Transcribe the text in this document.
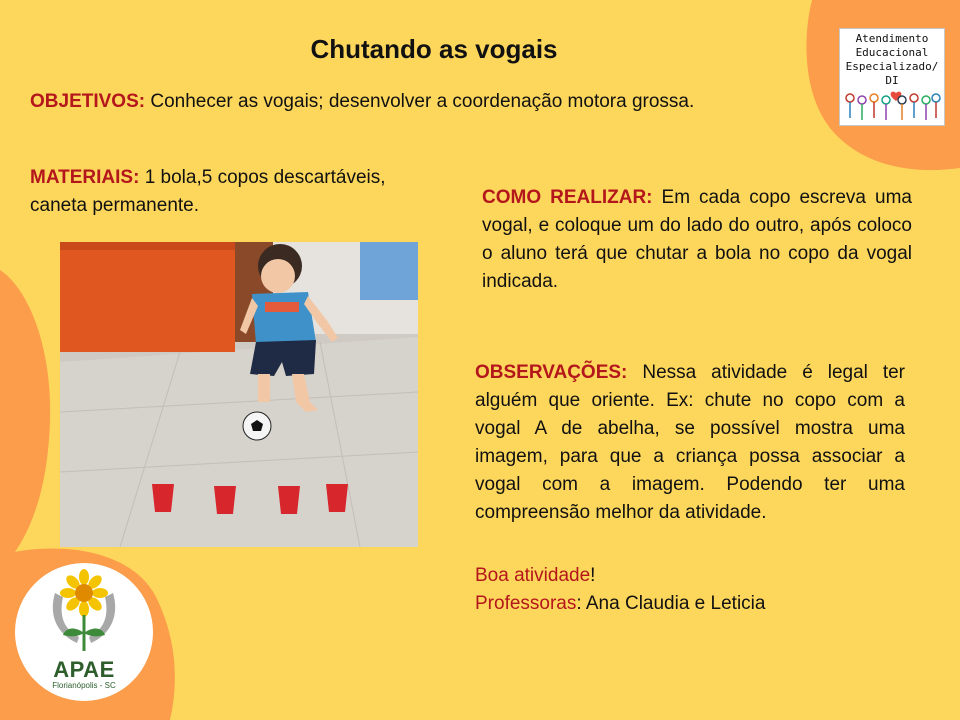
Chutando as vogais
OBJETIVOS: Conhecer as vogais; desenvolver a coordenação motora grossa.
MATERIAIS: 1 bola,5 copos descartáveis, caneta permanente.	COMO REALIZAR: Em cada copo escreva uma vogal, e coloque um do lado do outro, após coloco o aluno terá que chutar a bola no copo da vogal indicada.
OBSERVAÇÕES: Nessa atividade é legal ter alguém que oriente. Ex: chute no copo com a vogal A de abelha, se possível mostra uma imagem, para que a criança possa associar a vogal com a imagem. Podendo ter uma compreensão melhor da atividade.
Boa atividade!
Professoras: Ana Claudia e Leticia
Atendimento
Educacional
Especializado/ DI
APAE
Florianópolis - SC
